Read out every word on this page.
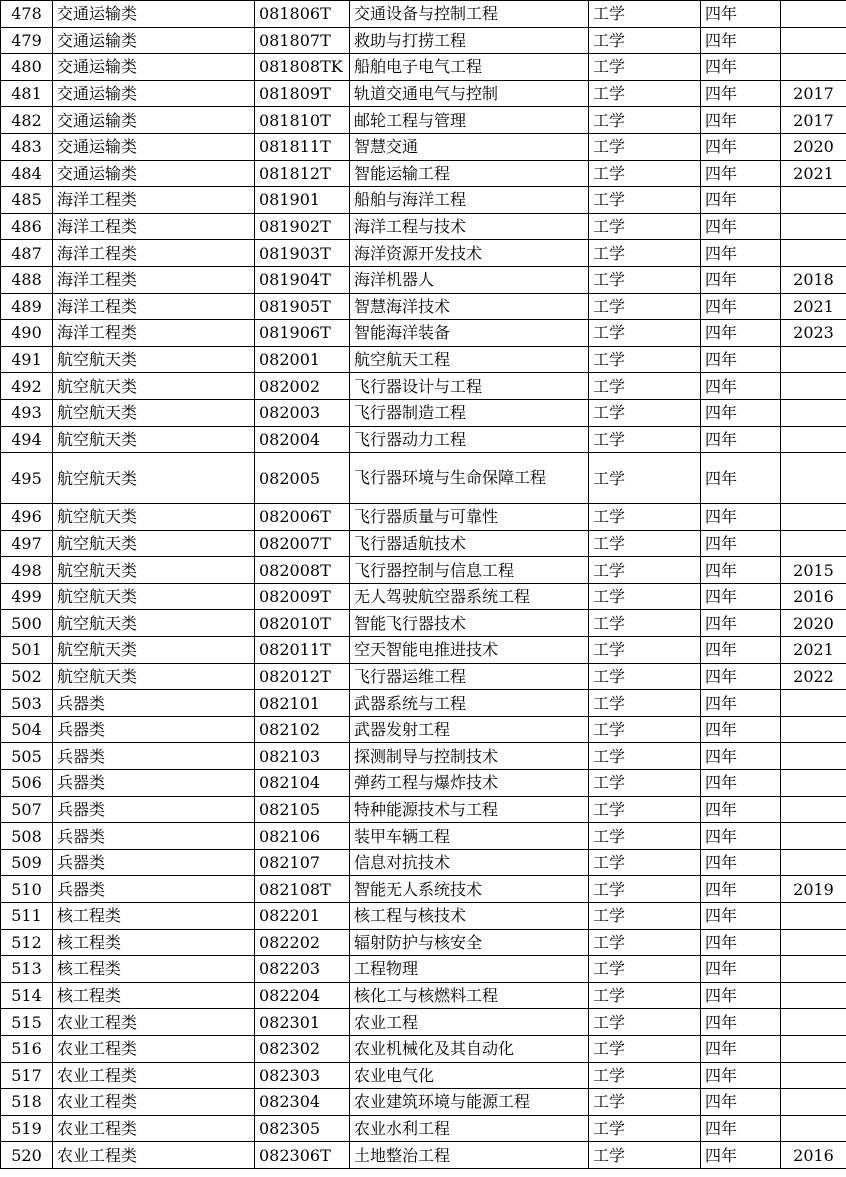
478	交通运输类	081806T	交通设备与控制工程	工学	四年	
479	交通运输类	081807T	救助与打捞工程	工学	四年	
480	交通运输类	081808TK	船舶电子电气工程	工学	四年	
481	交通运输类	081809T	轨道交通电气与控制	工学	四年	2017
482	交通运输类	081810T	邮轮工程与管理	工学	四年	2017
483	交通运输类	081811T	智慧交通	工学	四年	2020
484	交通运输类	081812T	智能运输工程	工学	四年	2021
485	海洋工程类	081901	船舶与海洋工程	工学	四年	
486	海洋工程类	081902T	海洋工程与技术	工学	四年	
487	海洋工程类	081903T	海洋资源开发技术	工学	四年	
488	海洋工程类	081904T	海洋机器人	工学	四年	2018
489	海洋工程类	081905T	智慧海洋技术	工学	四年	2021
490	海洋工程类	081906T	智能海洋装备	工学	四年	2023
491	航空航天类	082001	航空航天工程	工学	四年	
492	航空航天类	082002	飞行器设计与工程	工学	四年	
493	航空航天类	082003	飞行器制造工程	工学	四年	
494	航空航天类	082004	飞行器动力工程	工学	四年	
495	航空航天类	082005	飞行器环境与生命保障工程	工学	四年	
496	航空航天类	082006T	飞行器质量与可靠性	工学	四年	
497	航空航天类	082007T	飞行器适航技术	工学	四年	
498	航空航天类	082008T	飞行器控制与信息工程	工学	四年	2015
499	航空航天类	082009T	无人驾驶航空器系统工程	工学	四年	2016
500	航空航天类	082010T	智能飞行器技术	工学	四年	2020
501	航空航天类	082011T	空天智能电推进技术	工学	四年	2021
502	航空航天类	082012T	飞行器运维工程	工学	四年	2022
503	兵器类	082101	武器系统与工程	工学	四年	
504	兵器类	082102	武器发射工程	工学	四年	
505	兵器类	082103	探测制导与控制技术	工学	四年	
506	兵器类	082104	弹药工程与爆炸技术	工学	四年	
507	兵器类	082105	特种能源技术与工程	工学	四年	
508	兵器类	082106	装甲车辆工程	工学	四年	
509	兵器类	082107	信息对抗技术	工学	四年	
510	兵器类	082108T	智能无人系统技术	工学	四年	2019
511	核工程类	082201	核工程与核技术	工学	四年	
512	核工程类	082202	辐射防护与核安全	工学	四年	
513	核工程类	082203	工程物理	工学	四年	
514	核工程类	082204	核化工与核燃料工程	工学	四年	
515	农业工程类	082301	农业工程	工学	四年	
516	农业工程类	082302	农业机械化及其自动化	工学	四年	
517	农业工程类	082303	农业电气化	工学	四年	
518	农业工程类	082304	农业建筑环境与能源工程	工学	四年	
519	农业工程类	082305	农业水利工程	工学	四年	
520	农业工程类	082306T	土地整治工程	工学	四年	2016
